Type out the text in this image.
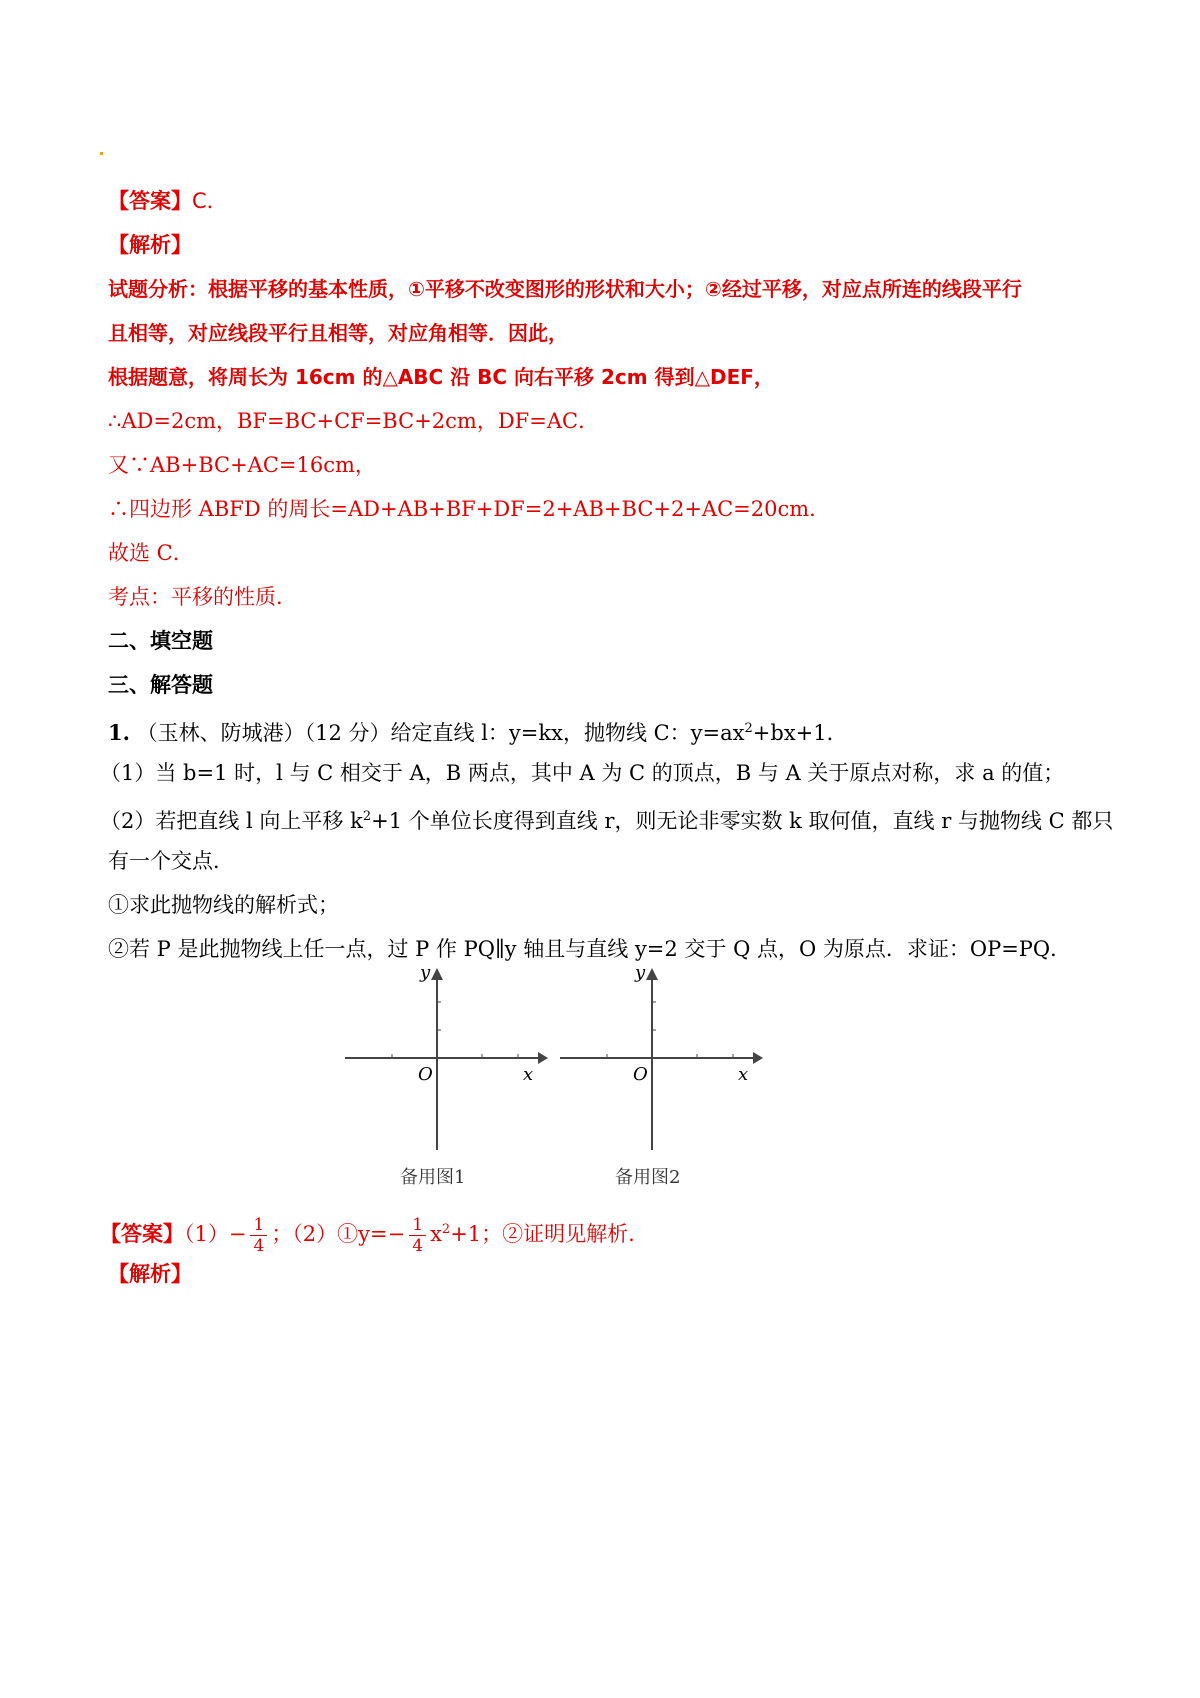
【答案】C．
【解析】
试题分析：根据平移的基本性质，①平移不改变图形的形状和大小；②经过平移，对应点所连的线段平行
且相等，对应线段平行且相等，对应角相等．因此，
根据题意，将周长为 16cm 的△ABC 沿 BC 向右平移 2cm 得到△DEF，
∴AD=2cm，BF=BC+CF=BC+2cm，DF=AC．
又∵AB+BC+AC=16cm，
∴四边形 ABFD 的周长=AD+AB+BF+DF=2+AB+BC+2+AC=20cm．
故选 C．
考点：平移的性质．
二、填空题
三、解答题
1. （玉林、防城港）（12 分）给定直线 l：y=kx，抛物线 C：$y=ax^2+bx+1$．
（1）当 b=1 时，l 与 C 相交于 A，B 两点，其中 A 为 C 的顶点，B 与 A 关于原点对称，求 a 的值；
（2）若把直线 l 向上平移 $k^2+1$ 个单位长度得到直线 r，则无论非零实数 k 取何值，直线 r 与抛物线 C 都只
有一个交点．
①求此抛物线的解析式；
②若 P 是此抛物线上任一点，过 P 作 PQ∥y 轴且与直线 y=2 交于 Q 点，O 为原点．求证：OP=PQ．
y
O	x
备用图1
y
O	x
备用图2
【答案】$(1)- \frac{1}{4}$ ；（2）①y=− $\frac{1}{4} x^2+1$；②证明见解析.
【解析】
